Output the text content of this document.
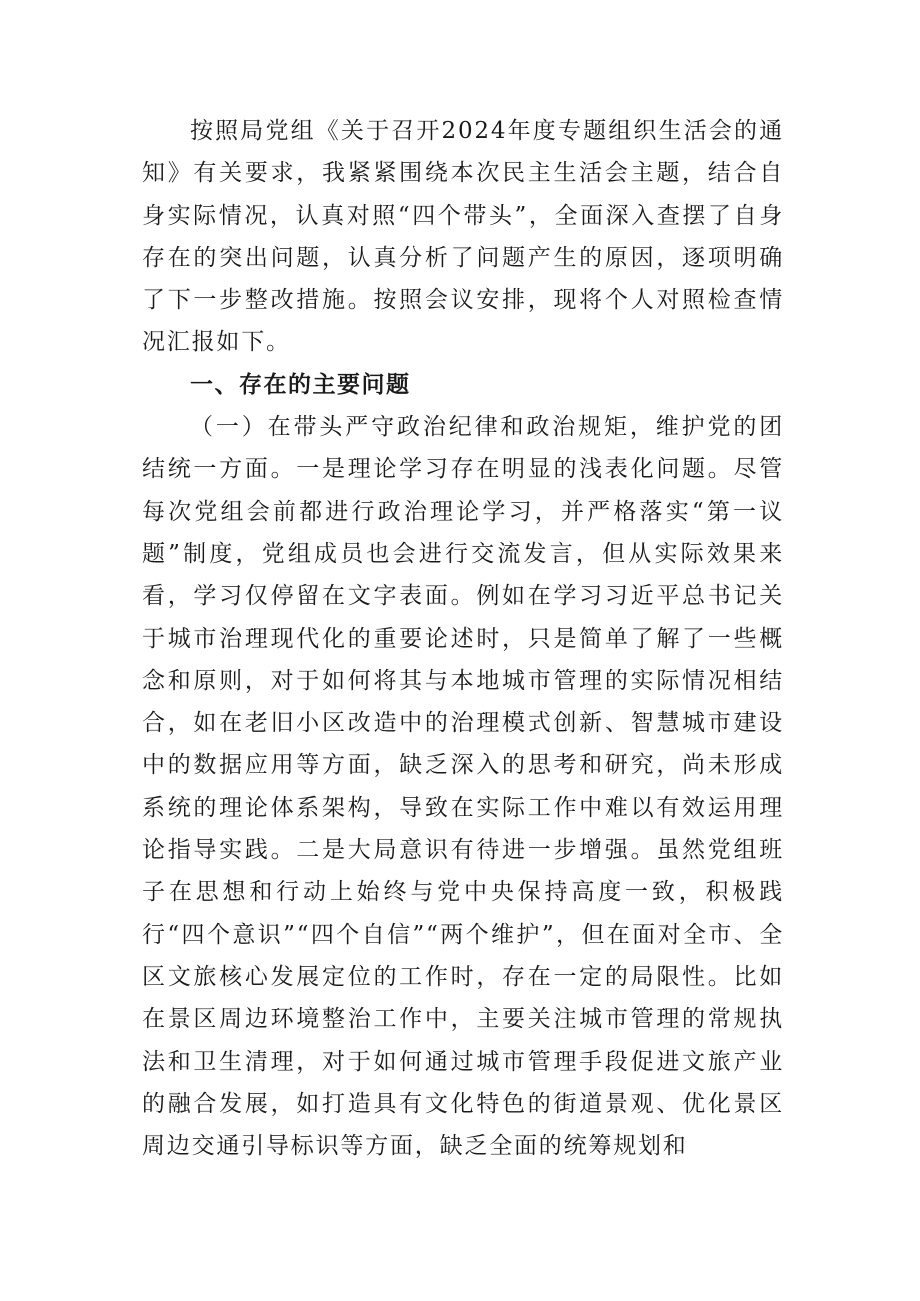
按照局党组《关于召开2024年度专题组织生活会的通知》有关要求，我紧紧围绕本次民主生活会主题，结合自身实际情况，认真对照“四个带头”，全面深入查摆了自身存在的突出问题，认真分析了问题产生的原因，逐项明确了下一步整改措施。按照会议安排，现将个人对照检查情况汇报如下。

一、存在的主要问题

（一）在带头严守政治纪律和政治规矩，维护党的团结统一方面。一是理论学习存在明显的浅表化问题。尽管每次党组会前都进行政治理论学习，并严格落实“第一议题”制度，党组成员也会进行交流发言，但从实际效果来看，学习仅停留在文字表面。例如在学习习近平总书记关于城市治理现代化的重要论述时，只是简单了解了一些概念和原则，对于如何将其与本地城市管理的实际情况相结合，如在老旧小区改造中的治理模式创新、智慧城市建设中的数据应用等方面，缺乏深入的思考和研究，尚未形成系统的理论体系架构，导致在实际工作中难以有效运用理论指导实践。二是大局意识有待进一步增强。虽然党组班子在思想和行动上始终与党中央保持高度一致，积极践行“四个意识”“四个自信”“两个维护”，但在面对全市、全区文旅核心发展定位的工作时，存在一定的局限性。比如在景区周边环境整治工作中，主要关注城市管理的常规执法和卫生清理，对于如何通过城市管理手段促进文旅产业的融合发展，如打造具有文化特色的街道景观、优化景区周边交通引导标识等方面，缺乏全面的统筹规划和
